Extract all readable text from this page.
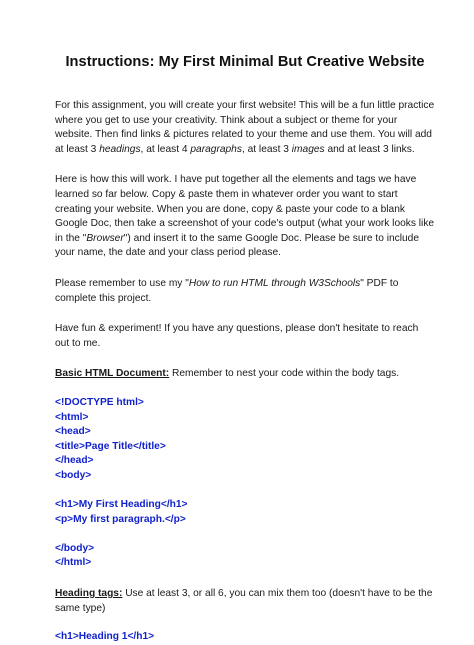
Instructions: My First Minimal But Creative Website

For this assignment, you will create your first website! This will be a fun little practice where you get to use your creativity. Think about a subject or theme for your website. Then find links & pictures related to your theme and use them. You will add at least 3 headings, at least 4 paragraphs, at least 3 images and at least 3 links.

Here is how this will work. I have put together all the elements and tags we have learned so far below. Copy & paste them in whatever order you want to start creating your website. When you are done, copy & paste your code to a blank Google Doc, then take a screenshot of your code's output (what your work looks like in the "Browser") and insert it to the same Google Doc. Please be sure to include your name, the date and your class period please.

Please remember to use my "How to run HTML through W3Schools" PDF to complete this project.

Have fun & experiment! If you have any questions, please don't hesitate to reach out to me.

Basic HTML Document: Remember to nest your code within the body tags.

<!DOCTYPE html>
<html>
<head>
<title>Page Title</title>
</head>
<body>
<h1>My First Heading</h1>
<p>My first paragraph.</p>
</body>
</html>

Heading tags: Use at least 3, or all 6, you can mix them too (doesn't have to be the same type)

<h1>Heading 1</h1>
